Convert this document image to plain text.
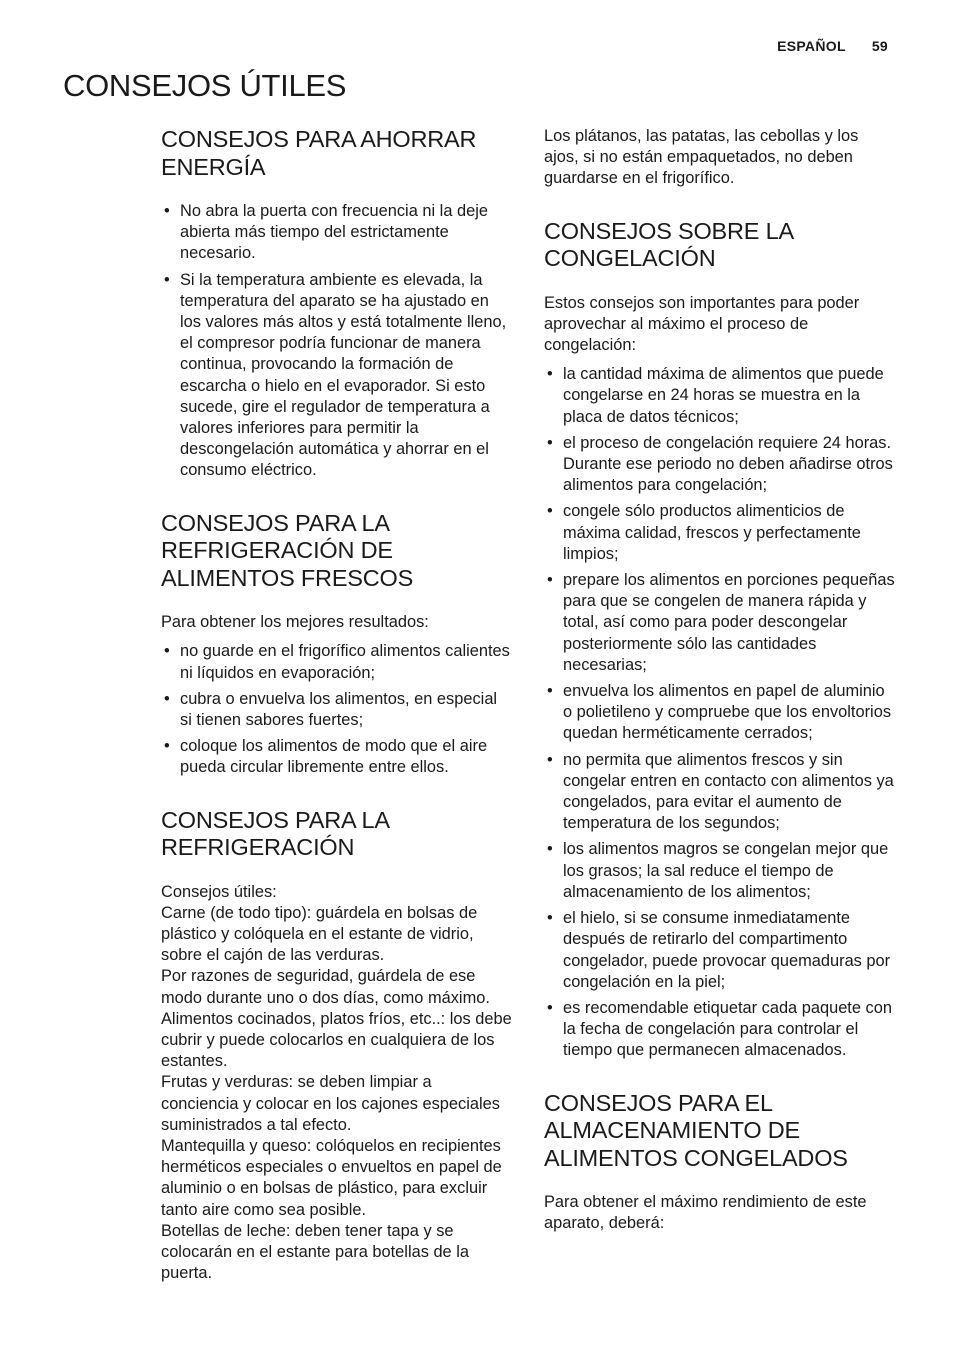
ESPAÑOL 59
CONSEJOS ÚTILES
CONSEJOS PARA AHORRAR ENERGÍA
• No abra la puerta con frecuencia ni la deje abierta más tiempo del estrictamente necesario.
• Si la temperatura ambiente es elevada, la temperatura del aparato se ha ajustado en los valores más altos y está totalmente lleno, el compresor podría funcionar de manera continua, provocando la formación de escarcha o hielo en el evaporador. Si esto sucede, gire el regulador de temperatura a valores inferiores para permitir la descongelación automática y ahorrar en el consumo eléctrico.
CONSEJOS PARA LA REFRIGERACIÓN DE ALIMENTOS FRESCOS

Para obtener los mejores resultados:

• no guarde en el frigorífico alimentos calientes ni líquidos en evaporación;
• cubra o envuelva los alimentos, en especial si tienen sabores fuertes;
• coloque los alimentos de modo que el aire pueda circular libremente entre ellos.
CONSEJOS PARA LA REFRIGERACIÓN

Consejos útiles:

Carne (de todo tipo): guárdela en bolsas de plástico y colóquela en el estante de vidrio, sobre el cajón de las verduras.

Por razones de seguridad, guárdela de ese modo durante uno o dos días, como máximo.

Alimentos cocinados, platos fríos, etc..: los debe cubrir y puede colocarlos en cualquiera de los estantes.

Frutas y verduras: se deben limpiar a conciencia y colocar en los cajones especiales suministrados a tal efecto.

Mantequilla y queso: colóquelos en recipientes herméticos especiales o envueltos en papel de aluminio o en bolsas de plástico, para excluir tanto aire como sea posible.

Botellas de leche: deben tener tapa y se colocarán en el estante para botellas de la puerta.

Los plátanos, las patatas, las cebollas y los ajos, si no están empaquetados, no deben guardarse en el frigorífico.

CONSEJOS SOBRE LA CONGELACIÓN

Estos consejos son importantes para poder aprovechar al máximo el proceso de congelación:

• la cantidad máxima de alimentos que puede congelarse en 24 horas se muestra en la placa de datos técnicos;
• el proceso de congelación requiere 24 horas. Durante ese periodo no deben añadirse otros alimentos para congelación;
• congele sólo productos alimenticios de máxima calidad, frescos y perfectamente limpios;
• prepare los alimentos en porciones pequeñas para que se congelen de manera rápida y total, así como para poder descongelar posteriormente sólo las cantidades necesarias;
• envuelva los alimentos en papel de aluminio o polietileno y compruebe que los envoltorios quedan herméticamente cerrados;
• no permita que alimentos frescos y sin congelar entren en contacto con alimentos ya congelados, para evitar el aumento de temperatura de los segundos;
• los alimentos magros se congelan mejor que los grasos; la sal reduce el tiempo de almacenamiento de los alimentos;
• el hielo, si se consume inmediatamente después de retirarlo del compartimento congelador, puede provocar quemaduras por congelación en la piel;
• es recomendable etiquetar cada paquete con la fecha de congelación para controlar el tiempo que permanecen almacenados.
CONSEJOS PARA EL ALMACENAMIENTO DE ALIMENTOS CONGELADOS

Para obtener el máximo rendimiento de este aparato, deberá:
